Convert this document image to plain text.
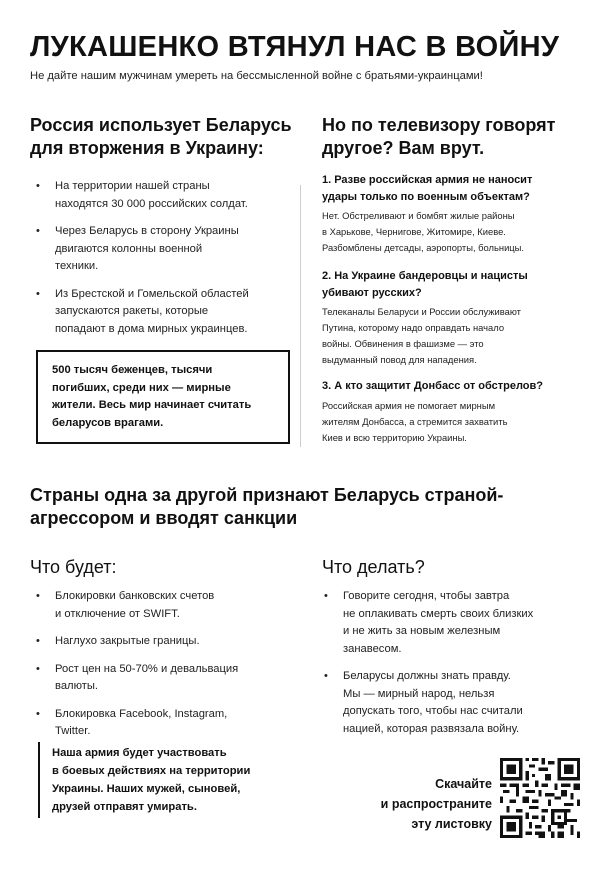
ЛУКАШЕНКО ВТЯНУЛ НАС В ВОЙНУ
Не дайте нашим мужчинам умереть на бессмысленной войне с братьями-украинцами!
Россия использует Беларусь
для вторжения в Украину:
• На территории нашей страны
находятся 30 000 российских солдат.
• Через Беларусь в сторону Украины
двигаются колонны военной
техники.
• Из Брестской и Гомельской областей
запускаются ракеты, которые
попадают в дома мирных украинцев.
500 тысяч беженцев, тысячи
погибших, среди них — мирные
жители. Весь мир начинает считать
беларусов врагами.
Но по телевизору говорят
другое? Вам врут.
1. Разве российская армия не наносит
удары только по военным объектам?
Нет. Обстреливают и бомбят жилые районы
в Харькове, Чернигове, Житомире, Киеве.
Разбомблены детсады, аэропорты, больницы.
2. На Украине бандеровцы и нацисты
убивают русских?
Телеканалы Беларуси и России обслуживают
Путина, которому надо оправдать начало
войны. Обвинения в фашизме — это
выдуманный повод для нападения.
3. А кто защитит Донбасс от обстрелов?
Российская армия не помогает мирным
жителям Донбасса, а стремится захватить
Киев и всю территорию Украины.
Страны одна за другой признают Беларусь страной-
агрессором и вводят санкции
Что будет:
• Блокировки банковских счетов
и отключение от SWIFT.
• Наглухо закрытые границы.
• Рост цен на 50-70% и девальвация
валюты.
• Блокировка Facebook, Instagram,
Twitter.
Наша армия будет участвовать
в боевых действиях на территории
Украины. Наших мужей, сыновей,
друзей отправят умирать.
Что делать?
• Говорите сегодня, чтобы завтра
не оплакивать смерть своих близких
и не жить за новым железным
занавесом.
• Беларусы должны знать правду.
Мы — мирный народ, нельзя
допускать того, чтобы нас считали
нацией, которая развязала войну.
Скачайте
и распространите
эту листовку
